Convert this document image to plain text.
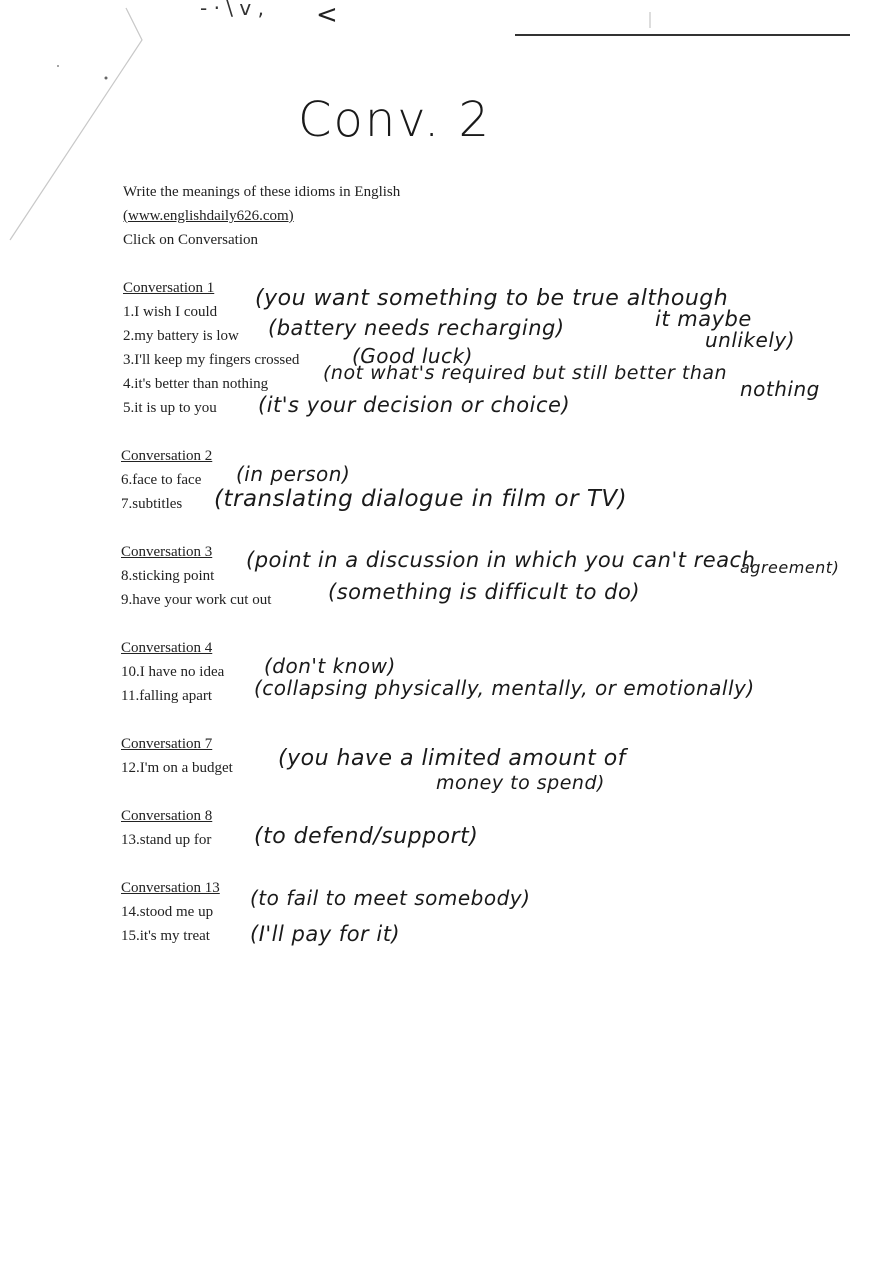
- · \ v , <
Conv. 2
Write the meanings of these idioms in English
(www.englishdaily626.com)
Click on Conversation
Conversation 1
1.I wish I could
2.my battery is low
3.I'll keep my fingers crossed
4.it's better than nothing
5.it is up to you
(you want something to be true although
it maybe
unlikely)
(battery needs recharging)
(Good luck)
(not what's required but still better than
nothing
(it's your decision or choice)
Conversation 2
6.face to face
7.subtitles
(in person)
(translating dialogue in film or TV)
Conversation 3
8.sticking point
9.have your work cut out
(point in a discussion in which you can't reach
agreement)
(something is difficult to do)
Conversation 4
10.I have no idea
11.falling apart
(don't know)
(collapsing physically, mentally, or emotionally)
Conversation 7
12.I'm on a budget (you have a limited amount of
money to spend)
Conversation 8
13.stand up for (to defend/support)
Conversation 13
14.stood me up
15.it's my treat
(to fail to meet somebody)
(I'll pay for it)
